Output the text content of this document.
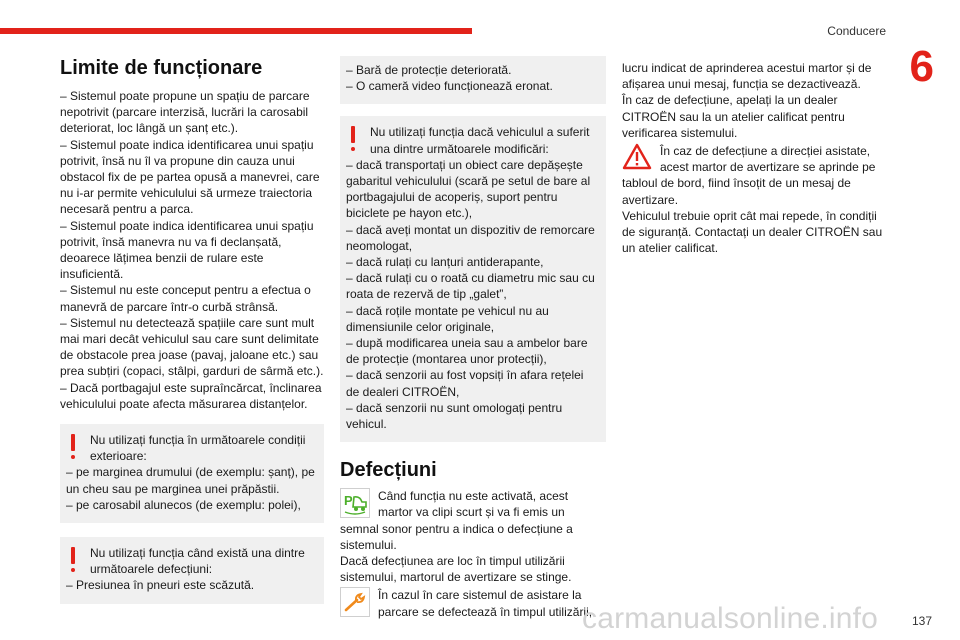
Conducere
6
Limite de funcționare

– Sistemul poate propune un spațiu de parcare nepotrivit (parcare interzisă, lucrări la carosabil deteriorat, loc lângă un șanț etc.).
– Sistemul poate indica identificarea unui spațiu potrivit, însă nu îl va propune din cauza unui obstacol fix de pe partea opusă a manevrei, care nu i-ar permite vehiculului să urmeze traiectoria necesară pentru a parca.
– Sistemul poate indica identificarea unui spațiu potrivit, însă manevra nu va fi declanșată, deoarece lățimea benzii de rulare este insuficientă.
– Sistemul nu este conceput pentru a efectua o manevră de parcare într-o curbă strânsă.
– Sistemul nu detectează spațiile care sunt mult mai mari decât vehiculul sau care sunt delimitate de obstacole prea joase (pavaj, jaloane etc.) sau prea subțiri (copaci, stâlpi, garduri de sârmă etc.).
– Dacă portbagajul este supraîncărcat, înclinarea vehiculului poate afecta măsurarea distanțelor.

Nu utilizați funcția în următoarele condiții exterioare:

– pe marginea drumului (de exemplu: șanț), pe un cheu sau pe marginea unei prăpăstii.
– pe carosabil alunecos (de exemplu: polei),

Nu utilizați funcția când există una dintre următoarele defecțiuni:

– Presiunea în pneuri este scăzută.

– Bară de protecție deteriorată.
– O cameră video funcționează eronat.

Nu utilizați funcția dacă vehiculul a suferit una dintre următoarele modificări:

– dacă transportați un obiect care depășește gabaritul vehiculului (scară pe setul de bare al portbagajului de acoperiș, suport pentru biciclete pe hayon etc.),
– dacă aveți montat un dispozitiv de remorcare neomologat,
– dacă rulați cu lanțuri antiderapante,
– dacă rulați cu o roată cu diametru mic sau cu roata de rezervă de tip „galet”,
– dacă roțile montate pe vehicul nu au dimensiunile celor originale,
– după modificarea uneia sau a ambelor bare de protecție (montarea unor protecții),
– dacă senzorii au fost vopsiți în afara rețelei de dealeri CITROËN,
– dacă senzorii nu sunt omologați pentru vehicul.

Defecțiuni
P	Când funcția nu este activată, acest martor va clipi scurt și va fi emis un

semnal sonor pentru a indica o defecțiune a sistemului.
Dacă defecțiunea are loc în timpul utilizării sistemului, martorul de avertizare se stinge.

În cazul în care sistemul de asistare la parcare se defectează în timpul utilizării,

lucru indicat de aprinderea acestui martor și de afișarea unui mesaj, funcția se dezactivează.
În caz de defecțiune, apelați la un dealer CITROËN sau la un atelier calificat pentru verificarea sistemului.

În caz de defecțiune a direcției asistate, acest martor de avertizare se aprinde pe

tabloul de bord, fiind însoțit de un mesaj de avertizare.
Vehiculul trebuie oprit cât mai repede, în condiții de siguranță. Contactați un dealer CITROËN sau un atelier calificat.

carmanualsonline.info	137
